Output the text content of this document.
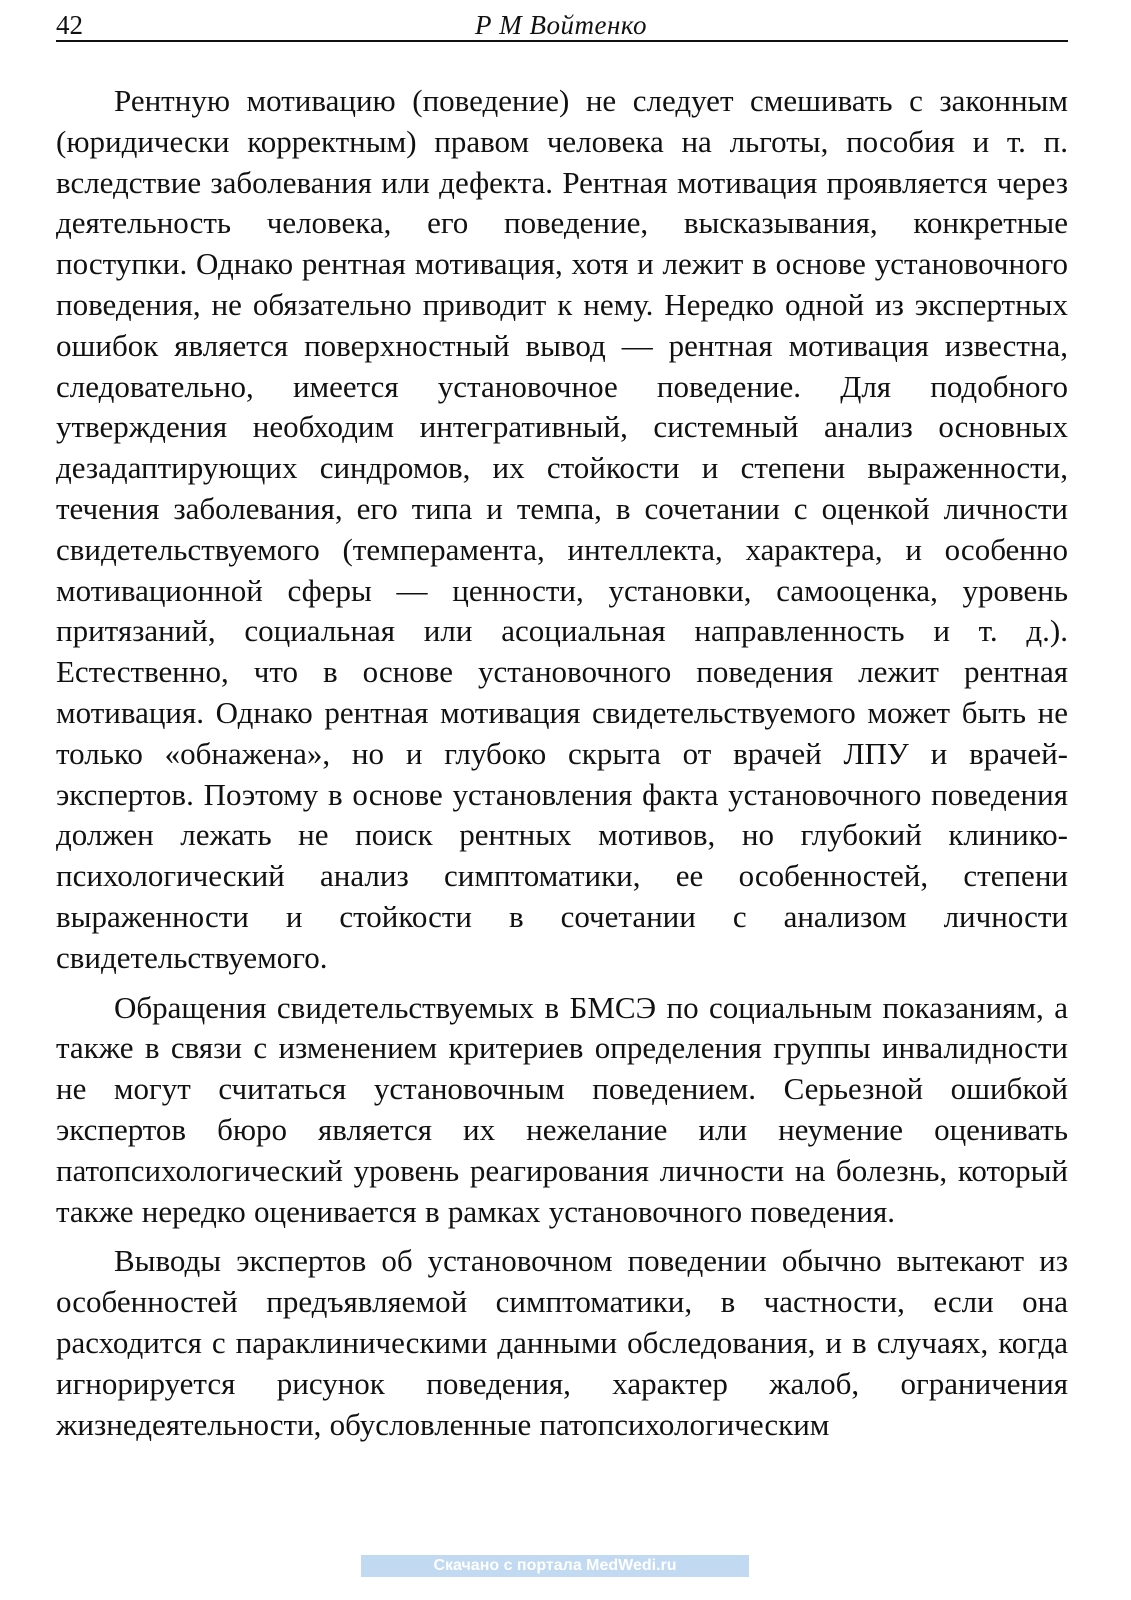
42	Р М Войтенко

Рентную мотивацию (поведение) не следует смешивать с законным (юридически корректным) правом человека на льготы, пособия и т. п. вследствие заболевания или дефекта. Рентная мотивация проявляется через деятельность человека, его поведение, высказывания, конкретные поступки. Однако рентная мотивация, хотя и лежит в основе установочного поведения, не обязательно приводит к нему. Нередко одной из экспертных ошибок является поверхностный вывод — рентная мотивация известна, следовательно, имеется установочное поведение. Для подобного утверждения необходим интегративный, системный анализ основных дезадаптирующих синдромов, их стойкости и степени выраженности, течения заболевания, его типа и темпа, в сочетании с оценкой личности свидетельствуемого (темперамента, интеллекта, характера, и особенно мотивационной сферы — ценности, установки, самооценка, уровень притязаний, социальная или асоциальная направленность и т. д.). Естественно, что в основе установочного поведения лежит рентная мотивация. Однако рентная мотивация свидетельствуемого может быть не только «обнажена», но и глубоко скрыта от врачей ЛПУ и врачей-экспертов. Поэтому в основе установления факта установочного поведения должен лежать не поиск рентных мотивов, но глубокий клинико-психологический анализ симптоматики, ее особенностей, степени выраженности и стойкости в сочетании с анализом личности свидетельствуемого.

Обращения свидетельствуемых в БМСЭ по социальным показаниям, а также в связи с изменением критериев определения группы инвалидности не могут считаться установочным поведением. Серьезной ошибкой экспертов бюро является их нежелание или неумение оценивать патопсихологический уровень реагирования личности на болезнь, который также нередко оценивается в рамках установочного поведения.

Выводы экспертов об установочном поведении обычно вытекают из особенностей предъявляемой симптоматики, в частности, если она расходится с параклиническими данными обследования, и в случаях, когда игнорируется рисунок поведения, характер жалоб, ограничения жизнедеятельности, обусловленные патопсихологическим

Скачано с портала MedWedi.ru
